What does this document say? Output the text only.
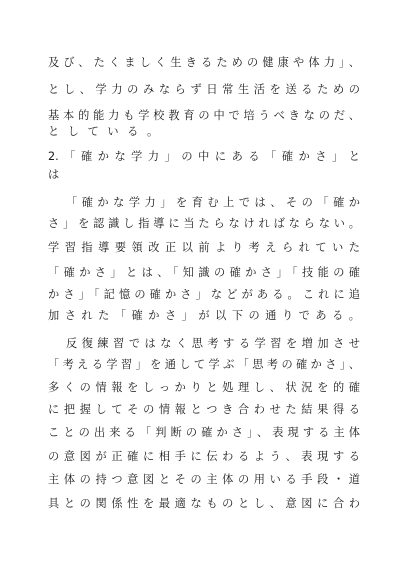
及び、たくましく生きるための健康や体力」、
とし、学力のみならず日常生活を送るための
基本的能力も学校教育の中で培うべきなのだ、
としている。
2.「確かな学力」の中にある「確かさ」と
は
「確かな学力」を育む上では、その「確か
さ」を認識し指導に当たらなければならない。
学習指導要領改正以前より考えられていた
「確かさ」とは、「知識の確かさ」「技能の確
かさ」「記憶の確かさ」などがある。これに追
加された「確かさ」が以下の通りである。
反復練習ではなく思考する学習を増加させ
「考える学習」を通して学ぶ「思考の確かさ」、
多くの情報をしっかりと処理し、状況を的確
に把握してその情報とつき合わせた結果得る
ことの出来る「判断の確かさ」、表現する主体
の意図が正確に相手に伝わるよう、表現する
主体の持つ意図とその主体の用いる手段・道
具との関係性を最適なものとし、意図に合わ
